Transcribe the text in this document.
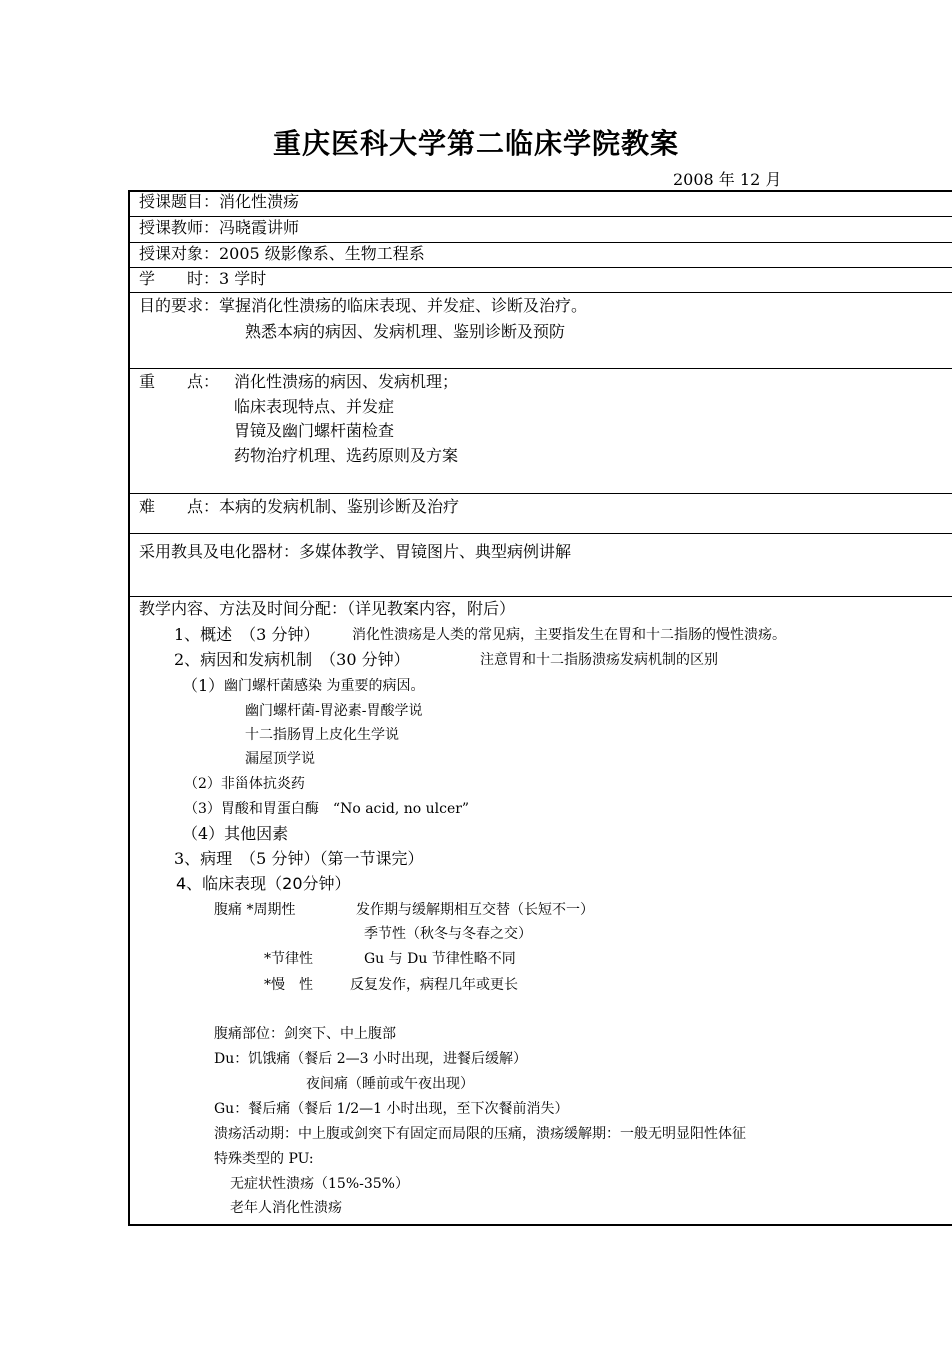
重庆医科大学第二临床学院教案
2008 年 12 月
授课题目：消化性溃疡
授课教师：冯晓霞讲师
授课对象：2005 级影像系、生物工程系
学　　时：3 学时
目的要求：掌握消化性溃疡的临床表现、并发症、诊断及治疗。
熟悉本病的病因、发病机理、鉴别诊断及预防
重　　点： 消化性溃疡的病因、发病机理；
临床表现特点、并发症
胃镜及幽门螺杆菌检查
药物治疗机理、选药原则及方案
难　　点：本病的发病机制、鉴别诊断及治疗
采用教具及电化器材：多媒体教学、胃镜图片、典型病例讲解
教学内容、方法及时间分配：（详见教案内容，附后）
1、概述　（3 分钟） 消化性溃疡是人类的常见病，主要指发生在胃和十二指肠的慢性溃疡。
2、病因和发病机制　（30 分钟）	注意胃和十二指肠溃疡发病机制的区别
（1） 幽门螺杆菌感染 为重要的病因。
幽门螺杆菌-胃泌素-胃酸学说
十二指肠胃上皮化生学说
漏屋顶学说
（2）非甾体抗炎药
（3）胃酸和胃蛋白酶　“No acid, no ulcer”
（4）其他因素
3、病理　（5 分钟）（第一节课完）
4、临床表现（20分钟）
腹痛 *周期性	发作期与缓解期相互交替（长短不一）
季节性（秋冬与冬春之交）
*节律性	Gu 与 Du 节律性略不同
*慢　性	反复发作，病程几年或更长
腹痛部位：剑突下、中上腹部
Du：饥饿痛（餐后 2—3 小时出现，进餐后缓解）
夜间痛（睡前或午夜出现）
Gu：餐后痛（餐后 1/2—1 小时出现，至下次餐前消失）
溃疡活动期：中上腹或剑突下有固定而局限的压痛，溃疡缓解期：一般无明显阳性体征
特殊类型的 PU:
无症状性溃疡（15%-35%）
老年人消化性溃疡
